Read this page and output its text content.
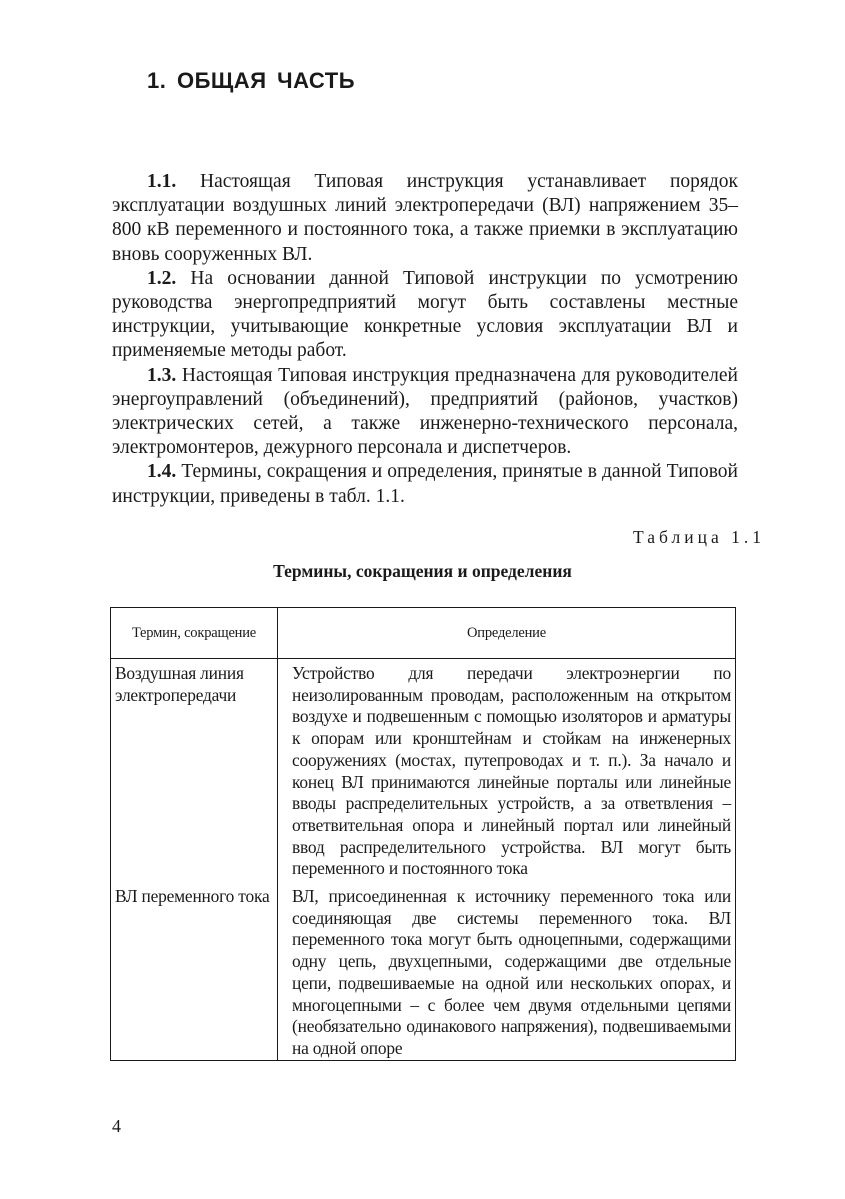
1. ОБЩАЯ ЧАСТЬ

1.1. Настоящая Типовая инструкция устанавливает порядок эксплуатации воздушных линий электропередачи (ВЛ) напряжением 35–800 кВ переменного и постоянного тока, а также приемки в эксплуатацию вновь сооруженных ВЛ.

1.2. На основании данной Типовой инструкции по усмотрению руководства энергопредприятий могут быть составлены местные инструкции, учитывающие конкретные условия эксплуатации ВЛ и применяемые методы работ.

1.3. Настоящая Типовая инструкция предназначена для руководителей энергоуправлений (объединений), предприятий (районов, участков) электрических сетей, а также инженерно-технического персонала, электромонтеров, дежурного персонала и диспетчеров.

1.4. Термины, сокращения и определения, принятые в данной Типовой инструкции, приведены в табл. 1.1.

Таблица 1.1
Термины, сокращения и определения
Термин, сокращение	Определение
Воздушная линия электропередачи	Устройство для передачи электроэнергии по неизолированным проводам, расположенным на открытом воздухе и подвешенным с помощью изоляторов и арматуры к опорам или кронштейнам и стойкам на инженерных сооружениях (мостах, путепроводах и т. п.). За начало и конец ВЛ принимаются линейные порталы или линейные вводы распределительных устройств, а за ответвления – ответвительная опора и линейный портал или линейный ввод распределительного устройства. ВЛ могут быть переменного и постоянного тока
ВЛ переменного тока	ВЛ, присоединенная к источнику переменного тока или соединяющая две системы переменного тока. ВЛ переменного тока могут быть одноцепными, содержащими одну цепь, двухцепными, содержащими две отдельные цепи, подвешиваемые на одной или нескольких опорах, и многоцепными – с более чем двумя отдельными цепями (необязательно одинакового напряжения), подвешиваемыми на одной опоре
4
